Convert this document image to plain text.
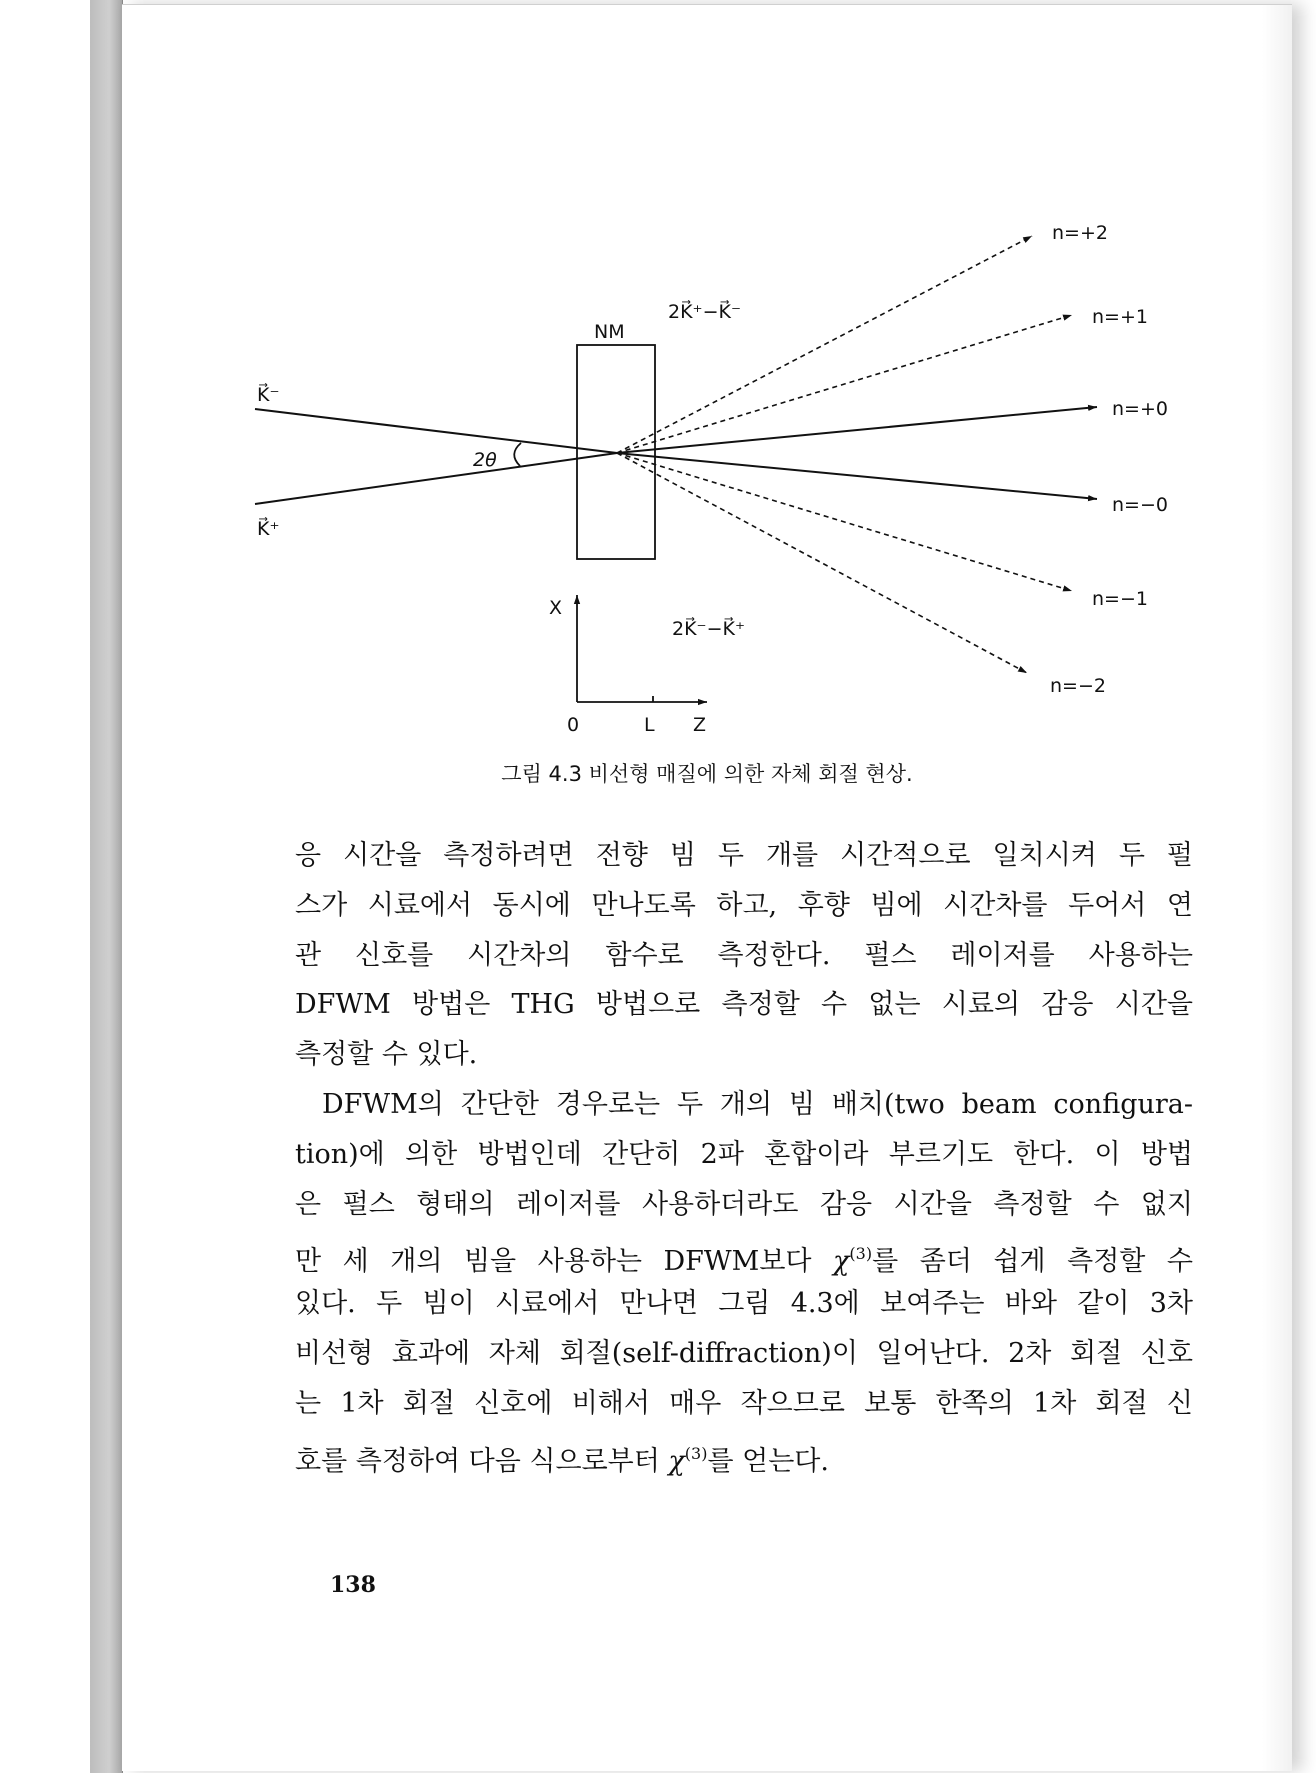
K⃗⁻
K⃗⁺
NM
2θ
2K⃗⁺−K⃗⁻
2K⃗⁻−K⃗⁺
X
0	L Z
n=+2
n=+1
n=+0
n=−0
n=−1
n=−2
그림 4.3 비선형 매질에 의한 자체 회절 현상.
응 시간을 측정하려면 전향 빔 두 개를 시간적으로 일치시켜 두 펄
스가 시료에서 동시에 만나도록 하고, 후향 빔에 시간차를 두어서 연
관 신호를 시간차의 함수로 측정한다. 펄스 레이저를 사용하는
DFWM 방법은 THG 방법으로 측정할 수 없는 시료의 감응 시간을
측정할 수 있다.
DFWM의 간단한 경우로는 두 개의 빔 배치(two beam configura-
tion)에 의한 방법인데 간단히 2파 혼합이라 부르기도 한다. 이 방법
은 펄스 형태의 레이저를 사용하더라도 감응 시간을 측정할 수 없지
만 세 개의 빔을 사용하는 DFWM보다 $\chi^{(3)}$를 좀더 쉽게 측정할 수
있다. 두 빔이 시료에서 만나면 그림 4.3에 보여주는 바와 같이 3차
비선형 효과에 자체 회절(self-diffraction)이 일어난다. 2차 회절 신호
는 1차 회절 신호에 비해서 매우 작으므로 보통 한쪽의 1차 회절 신
호를 측정하여 다음 식으로부터 $\chi^{(3)}$를 얻는다.
138
